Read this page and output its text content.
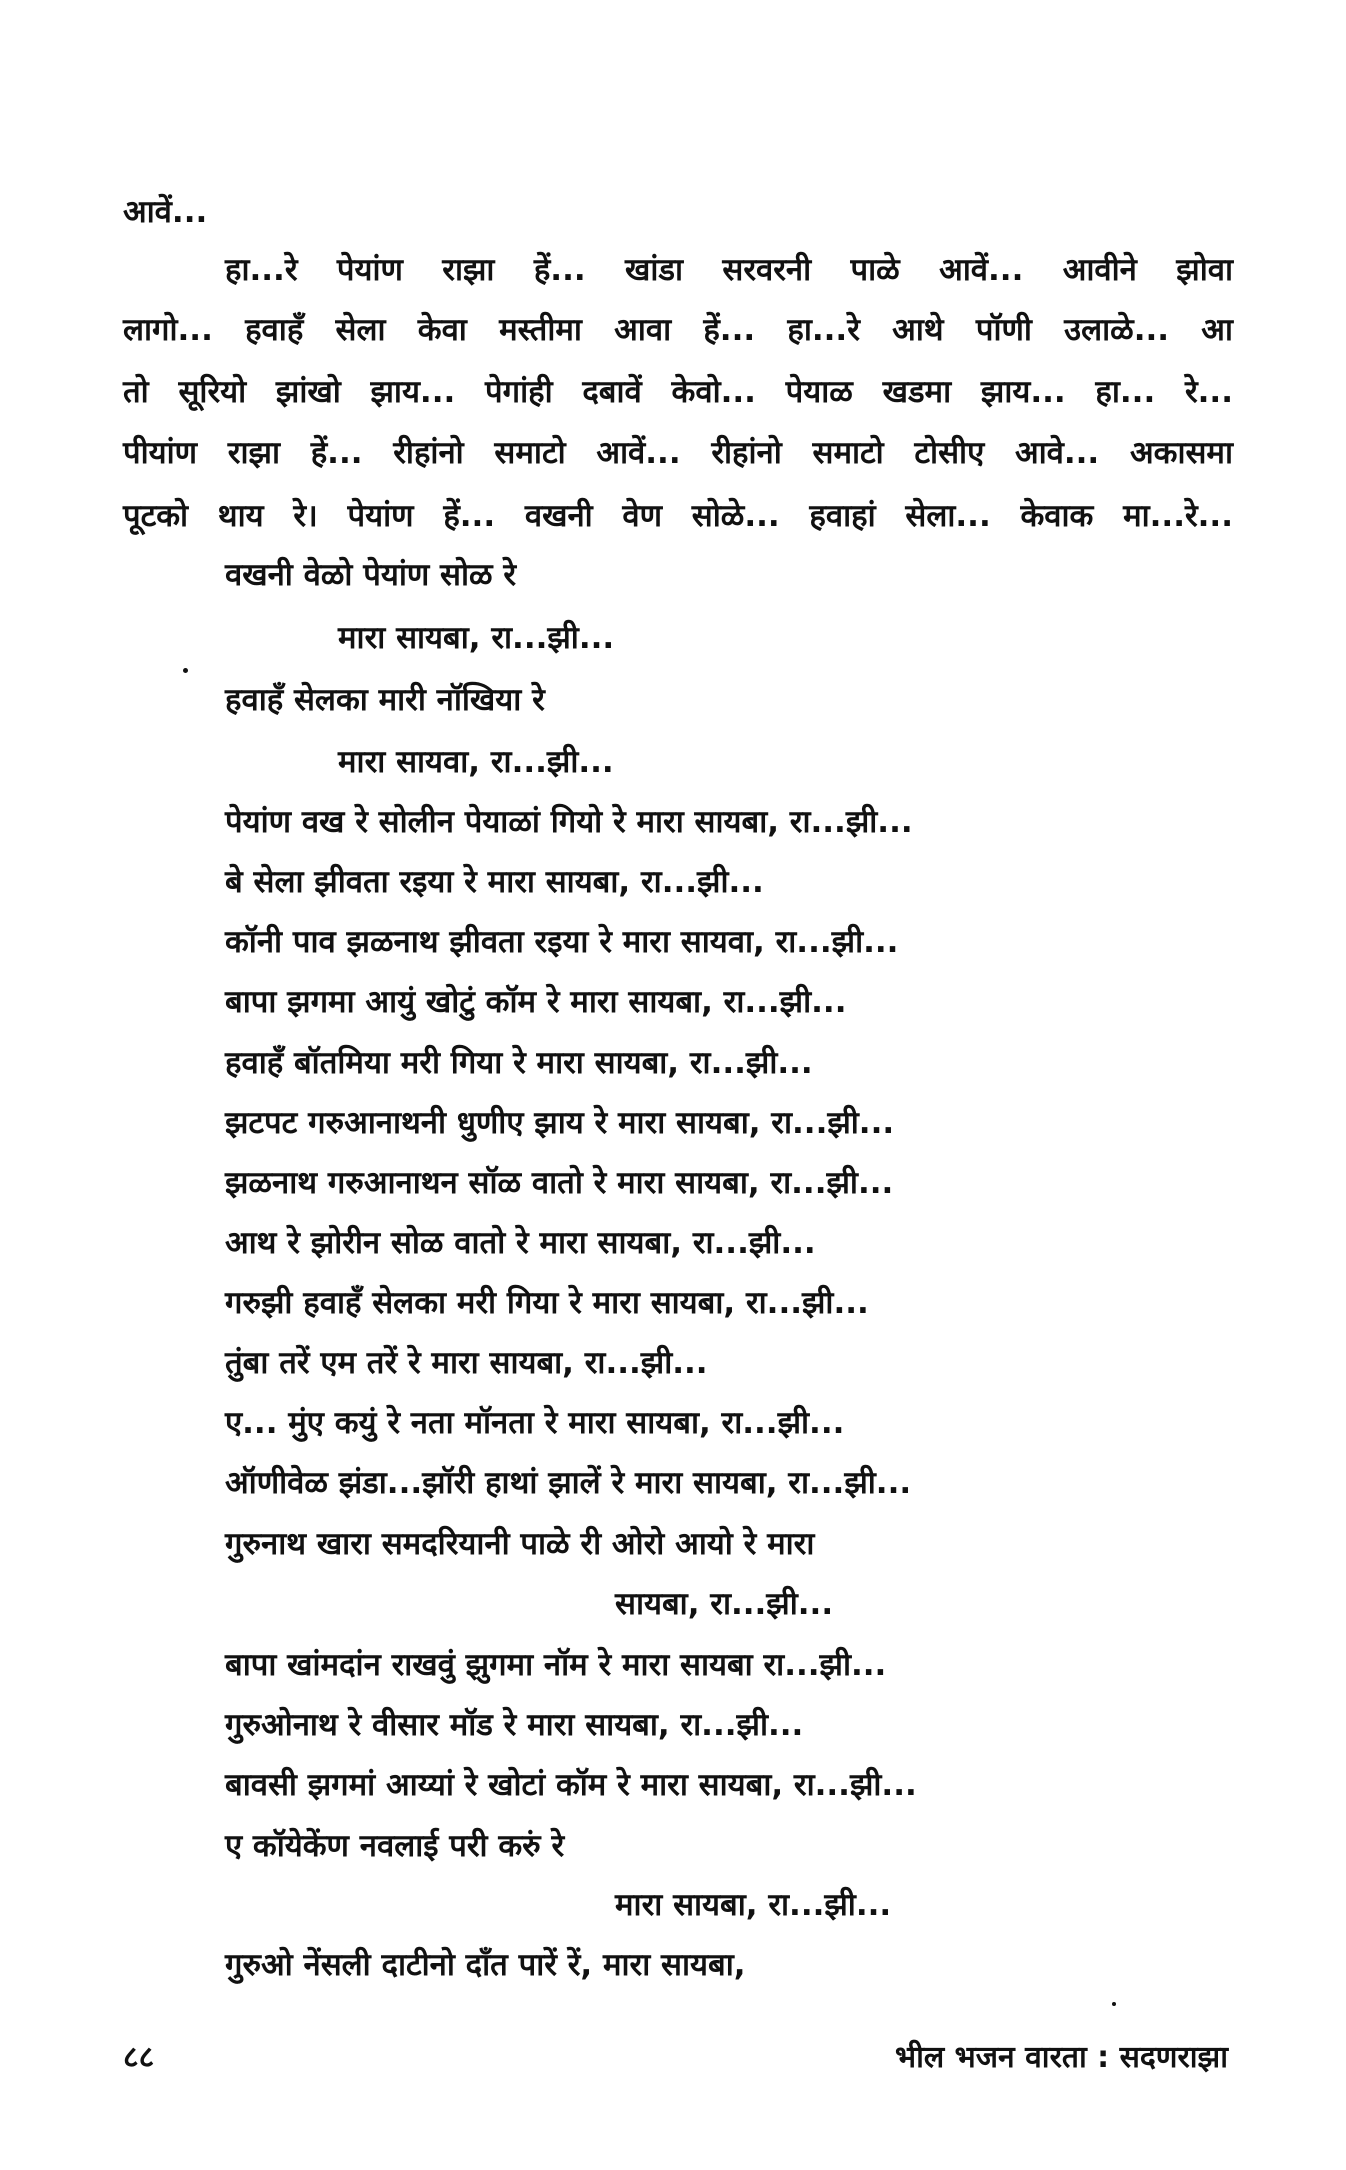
आवें...
हा...रे पेयांण राझा हें... खांडा सरवरनी पाळे आवें... आवीने झोवा
लागो... हवाहँ सेला केवा मस्तीमा आवा हें... हा...रे आथे पॉणी उलाळे... आ
तो सूरियो झांखो झाय... पेगांही दबावें केवो... पेयाळ खडमा झाय... हा... रे...
पीयांण राझा हें... रीहांनो समाटो आवें... रीहांनो समाटो टोसीए आवे... अकासमा
पूटको थाय रे। पेयांण हें... वखनी वेण सोळे... हवाहां सेला... केवाक मा...रे...
वखनी वेळो पेयांण सोळ रे
मारा सायबा, रा...झी...
हवाहँ सेलका मारी नॉखिया रे
मारा सायवा, रा...झी...
पेयांण वख रे सोलीन पेयाळां गियो रे मारा सायबा, रा...झी...
बे सेला झीवता रइया रे मारा सायबा, रा...झी...
कॉनी पाव झळनाथ झीवता रइया रे मारा सायवा, रा...झी...
बापा झगमा आयुं खोटुं कॉम रे मारा सायबा, रा...झी...
हवाहँ बॉतमिया मरी गिया रे मारा सायबा, रा...झी...
झटपट गरुआनाथनी धुणीए झाय रे मारा सायबा, रा...झी...
झळनाथ गरुआनाथन सॉळ वातो रे मारा सायबा, रा...झी...
आथ रे झोरीन सोळ वातो रे मारा सायबा, रा...झी...
गरुझी हवाहँ सेलका मरी गिया रे मारा सायबा, रा...झी...
तुंबा तरें एम तरें रे मारा सायबा, रा...झी...
ए... मुंए कयुं रे नता मॉनता रे मारा सायबा, रा...झी...
ऑणीवेळ झंडा...झॉरी हाथां झालें रे मारा सायबा, रा...झी...
गुरुनाथ खारा समदरियानी पाळे री ओरो आयो रे मारा
सायबा, रा...झी...
बापा खांमदांन राखवुं झुगमा नॉम रे मारा सायबा रा...झी...
गुरुओनाथ रे वीसार मॉड रे मारा सायबा, रा...झी...
बावसी झगमां आय्यां रे खोटां कॉम रे मारा सायबा, रा...झी...
ए कॉयेकेंण नवलाई परी करुं रे
मारा सायबा, रा...झी...
गुरुओ नेंसली दाटीनो दॉंत पारें रें, मारा सायबा,
८८	भील भजन वारता : सदणराझा
